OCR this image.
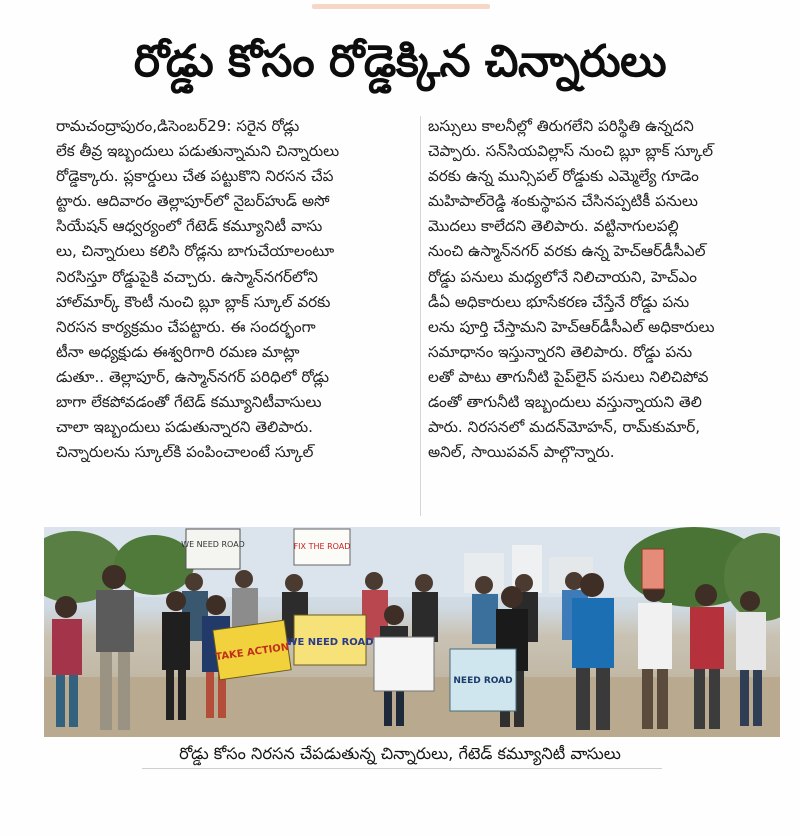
రోడ్డు కోసం రోడ్డెక్కిన చిన్నారులు
రామచంద్రాపురం,డిసెంబర్29: సరైన రోడ్లు
లేక తీవ్ర ఇబ్బందులు పడుతున్నామని చిన్నారులు
రోడ్డెక్కారు. ప్లకార్డులు చేత పట్టుకొని నిరసన చేప
ట్టారు. ఆదివారం తెల్లాపూర్‌లో నైబర్‌హుడ్ అసో
సియేషన్ ఆధ్వర్యంలో గేటెడ్ కమ్యూనిటీ వాసు
లు, చిన్నారులు కలిసి రోడ్లను బాగుచేయాలంటూ
నిరసిస్తూ రోడ్డుపైకి వచ్చారు. ఉస్మాన్‌నగర్‌లోని
హాల్‌మార్క్ కౌంటీ నుంచి బ్లూ బ్లాక్ స్కూల్ వరకు
నిరసన కార్యక్రమం చేపట్టారు. ఈ సందర్భంగా
టీనా అధ్యక్షుడు ఈశ్వరిగారి రమణ మాట్లా
డుతూ.. తెల్లాపూర్, ఉస్మాన్‌నగర్ పరిధిలో రోడ్లు
బాగా లేకపోవడంతో గేటెడ్ కమ్యూనిటీవాసులు
చాలా ఇబ్బందులు పడుతున్నారని తెలిపారు.
చిన్నారులను స్కూల్‌కి పంపించాలంటే స్కూల్
బస్సులు కాలనీల్లో తిరుగలేని పరిస్థితి ఉన్నదని
చెప్పారు. సన్‌సియవిల్లాస్ నుంచి బ్లూ బ్లాక్ స్కూల్
వరకు ఉన్న మున్సిపల్ రోడ్డుకు ఎమ్మెల్యే గూడెం
మహిపాల్‌రెడ్డి శంకుస్థాపన చేసినప్పటికీ పనులు
మొదలు కాలేదని తెలిపారు. వట్టినాగులపల్లి
నుంచి ఉస్మాన్‌నగర్ వరకు ఉన్న హెచ్‌ఆర్‌డీసీఎల్
రోడ్డు పనులు మధ్యలోనే నిలిచాయని, హెచ్ఎం
డీఏ అధికారులు భూసేకరణ చేస్తేనే రోడ్డు పను
లను పూర్తి చేస్తామని హెచ్‌ఆర్‌డీసీఎల్ అధికారులు
సమాధానం ఇస్తున్నారని తెలిపారు. రోడ్డు పను
లతో పాటు తాగునీటి పైప్‌లైన్ పనులు నిలిచిపోవ
డంతో తాగునీటి ఇబ్బందులు వస్తున్నాయని తెలి
పారు. నిరసనలో మదన్‌మోహన్, రామ్‌కుమార్,
అనిల్, సాయిపవన్ పాల్గొన్నారు.
WE NEED ROAD	FIX THE ROAD
TAKE ACTION
WE NEED ROAD
NEED ROAD
రోడ్డు కోసం నిరసన చేపడుతున్న చిన్నారులు, గేటెడ్ కమ్యూనిటీ వాసులు
